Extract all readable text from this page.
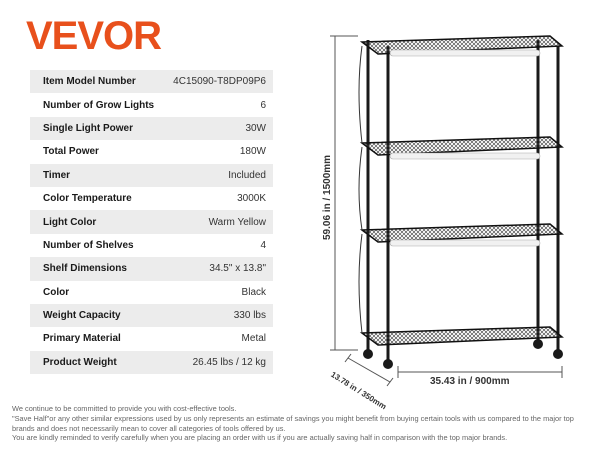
VEVOR
Item Model Number	4C15090-T8DP09P6
Number of Grow Lights	6
Single Light Power	30W
Total Power	180W
Timer	Included
Color Temperature	3000K
Light Color	Warm Yellow
Number of Shelves	4
Shelf Dimensions	34.5" x 13.8"
Color	Black
Weight Capacity	330 lbs
Primary Material	Metal
Product Weight	26.45 lbs / 12 kg
59.06 in / 1500mm
35.43 in / 900mm
13.78 in / 350mm

We continue to be committed to provide you with cost-effective tools.

"Save Half"or any other similar expressions used by us only represents an estimate of savings you might benefit from buying certain tools with us compared to the major top brands and does not necessarily mean to cover all categories of tools offered by us.

You are kindly reminded to verify carefully when you are placing an order with us if you are actually saving half in comparison with the top major brands.
